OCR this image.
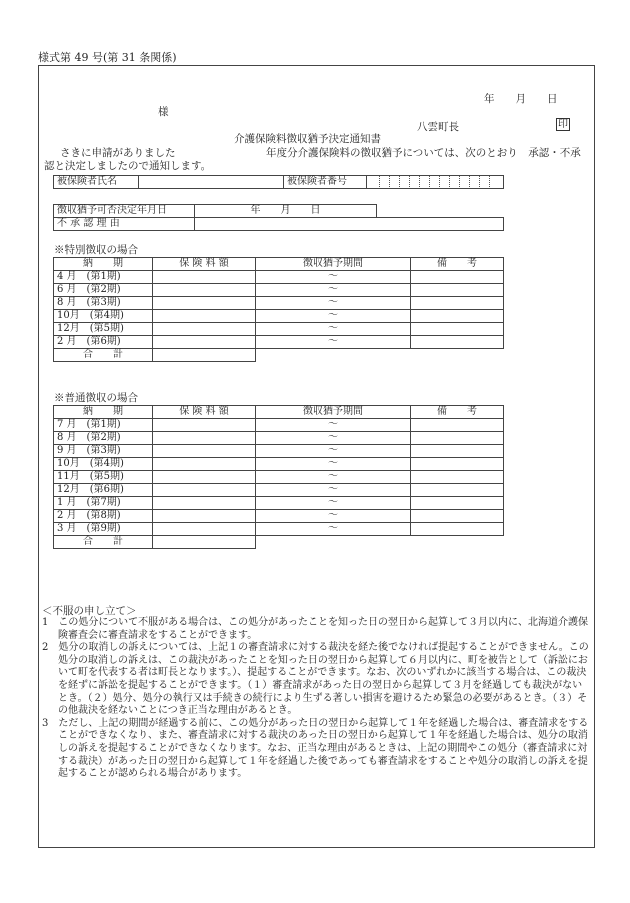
様式第 49 号(第 31 条関係)
年　　月　　日
様
八雲町長	印
介護保険料徴収猶予決定通知書
さきに申請がありました	年度分介護保険料の徴収猶予については、次のとおり　承認・不承
認と決定しましたので通知します。
被保険者氏名		被保険者番号	
徴収猶予可否決定年月日	年　　月　　日	
不 承 認 理 由		
※特別徴収の場合
納　　期	保 険 料 額	徴収猶予期間	備　　考
4 月　(第1期)		～	
6 月　(第2期)		～	
8 月　(第3期)		～	
10月　(第4期)		～	
12月　(第5期)		～	
2 月　(第6期)		～	
合　　計			
※普通徴収の場合
納　　期	保 険 料 額	徴収猶予期間	備　　考
7 月　(第1期)		～	
8 月　(第2期)		～	
9 月　(第3期)		～	
10月　(第4期)		～	
11月　(第5期)		～	
12月　(第6期)		～	
1 月　(第7期)		～	
2 月　(第8期)		～	
3 月　(第9期)		～	
合　　計			
＜不服の申し立て＞

1　この処分について不服がある場合は、この処分があったことを知った日の翌日から起算して３月以内に、北海道介護保険審査会に審査請求をすることができます。

2　処分の取消しの訴えについては、上記１の審査請求に対する裁決を経た後でなければ提起することができません。この処分の取消しの訴えは、この裁決があったことを知った日の翌日から起算して６月以内に、町を被告として（訴訟において町を代表する者は町長となります。）、提起することができます。なお、次のいずれかに該当する場合は、この裁決を経ずに訴訟を提起することができます。（１）審査請求があった日の翌日から起算して３月を経過しても裁決がないとき。（２）処分、処分の執行又は手続きの続行により生ずる著しい損害を避けるため緊急の必要があるとき。（３）その他裁決を経ないことにつき正当な理由があるとき。

3　ただし、上記の期間が経過する前に、この処分があった日の翌日から起算して１年を経過した場合は、審査請求をすることができなくなり、また、審査請求に対する裁決のあった日の翌日から起算して１年を経過した場合は、処分の取消しの訴えを提起することができなくなります。なお、正当な理由があるときは、上記の期間やこの処分（審査請求に対する裁決）があった日の翌日から起算して１年を経過した後であっても審査請求をすることや処分の取消しの訴えを提起することが認められる場合があります。
